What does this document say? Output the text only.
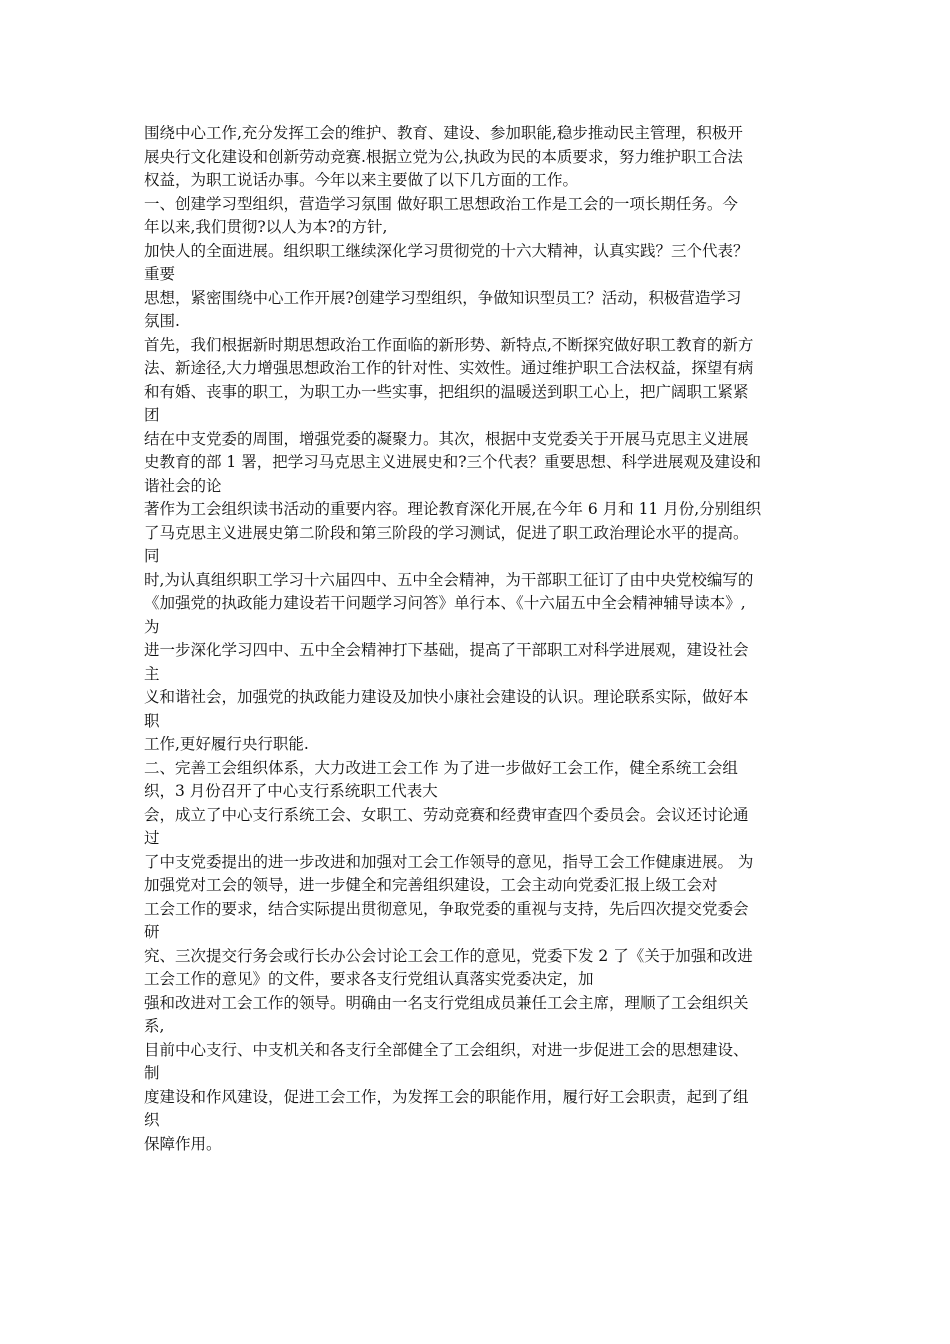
围绕中心工作,充分发挥工会的维护、教育、建设、参加职能,稳步推动民主管理，积极开
展央行文化建设和创新劳动竞赛.根据立党为公,执政为民的本质要求，努力维护职工合法
权益，为职工说话办事。今年以来主要做了以下几方面的工作。
一、创建学习型组织，营造学习氛围 做好职工思想政治工作是工会的一项长期任务。今
年以来,我们贯彻?以人为本?的方针,
加快人的全面进展。组织职工继续深化学习贯彻党的十六大精神，认真实践？三个代表？
重要
思想，紧密围绕中心工作开展?创建学习型组织，争做知识型员工？活动，积极营造学习
氛围.
首先，我们根据新时期思想政治工作面临的新形势、新特点,不断探究做好职工教育的新方
法、新途径,大力增强思想政治工作的针对性、实效性。通过维护职工合法权益，探望有病
和有婚、丧事的职工，为职工办一些实事，把组织的温暖送到职工心上，把广阔职工紧紧
团
结在中支党委的周围，增强党委的凝聚力。其次，根据中支党委关于开展马克思主义进展
史教育的部 1 署，把学习马克思主义进展史和?三个代表？重要思想、科学进展观及建设和
谐社会的论
著作为工会组织读书活动的重要内容。理论教育深化开展,在今年 6 月和 11 月份,分别组织
了马克思主义进展史第二阶段和第三阶段的学习测试，促进了职工政治理论水平的提高。
同
时,为认真组织职工学习十六届四中、五中全会精神，为干部职工征订了由中央党校编写的
《加强党的执政能力建设若干问题学习问答》单行本、《十六届五中全会精神辅导读本》,
为
进一步深化学习四中、五中全会精神打下基础，提高了干部职工对科学进展观，建设社会
主
义和谐社会，加强党的执政能力建设及加快小康社会建设的认识。理论联系实际，做好本
职
工作,更好履行央行职能.
二、完善工会组织体系，大力改进工会工作 为了进一步做好工会工作，健全系统工会组
织，3 月份召开了中心支行系统职工代表大
会，成立了中心支行系统工会、女职工、劳动竞赛和经费审查四个委员会。会议还讨论通
过
了中支党委提出的进一步改进和加强对工会工作领导的意见，指导工会工作健康进展。 为
加强党对工会的领导，进一步健全和完善组织建设，工会主动向党委汇报上级工会对
工会工作的要求，结合实际提出贯彻意见，争取党委的重视与支持，先后四次提交党委会
研
究、三次提交行务会或行长办公会讨论工会工作的意见，党委下发 2 了《关于加强和改进
工会工作的意见》的文件，要求各支行党组认真落实党委决定，加
强和改进对工会工作的领导。明确由一名支行党组成员兼任工会主席，理顺了工会组织关
系,
目前中心支行、中支机关和各支行全部健全了工会组织，对进一步促进工会的思想建设、
制
度建设和作风建设，促进工会工作，为发挥工会的职能作用，履行好工会职责，起到了组
织
保障作用。
